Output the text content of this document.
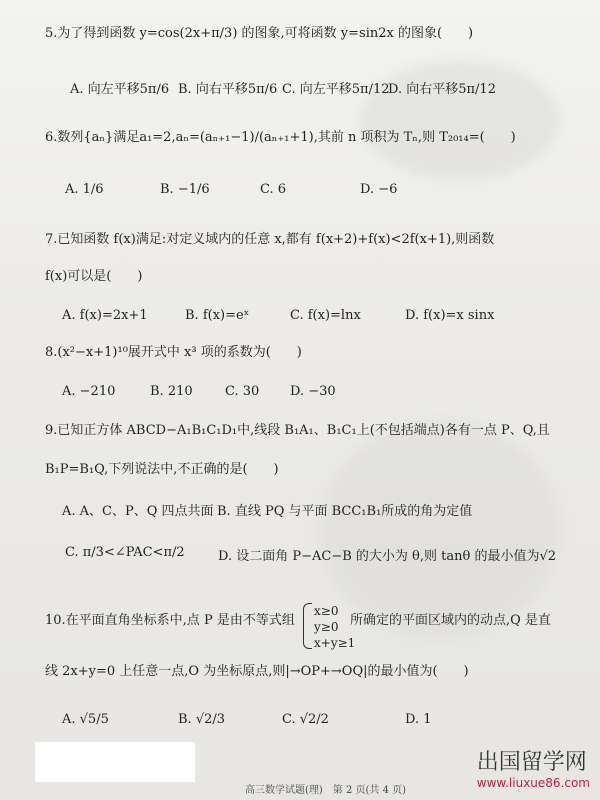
5.为了得到函数 y=cos(2x+π/3) 的图象,可将函数 y=sin2x 的图象(　　)
A. 向左平移5π/6 B. 向右平移5π/6 C. 向左平移5π/12
D. 向右平移5π/12
6.数列{aₙ}满足a₁=2,aₙ=(aₙ₊₁−1)/(aₙ₊₁+1),其前 n 项积为 Tₙ,则 T₂₀₁₄=(　　)
A. 1/6	B. −1/6	C. 6	D. −6
7.已知函数 f(x)满足:对定义域内的任意 x,都有 f(x+2)+f(x)<2f(x+1),则函数
f(x)可以是(　　)
A. f(x)=2x+1	B. f(x)=eˣ	C. f(x)=lnx	D. f(x)=x sinx
8.(x²−x+1)¹⁰展开式中 x³ 项的系数为(　　)
A. −210	B. 210 C. 30 D. −30
9.已知正方体 ABCD−A₁B₁C₁D₁中,线段 B₁A₁、B₁C₁上(不包括端点)各有一点 P、Q,且
B₁P=B₁Q,下列说法中,不正确的是(　　)
A. A、C、P、Q 四点共面 B. 直线 PQ 与平面 BCC₁B₁所成的角为定值
C. π/3<∠PAC<π/2	D. 设二面角 P−AC−B 的大小为 θ,则 tanθ 的最小值为√2
10.在平面直角坐标系中,点 P 是由不等式组
x≥0
y≥0
x+y≥1
所确定的平面区域内的动点,Q 是直
线 2x+y=0 上任意一点,O 为坐标原点,则|→OP+→OQ|的最小值为(　　)
A. √5/5	B. √2/3	C. √2/2	D. 1
高三数学试题(理)　第 2 页(共 4 页)
出国留学网
www.liuxue86.com
